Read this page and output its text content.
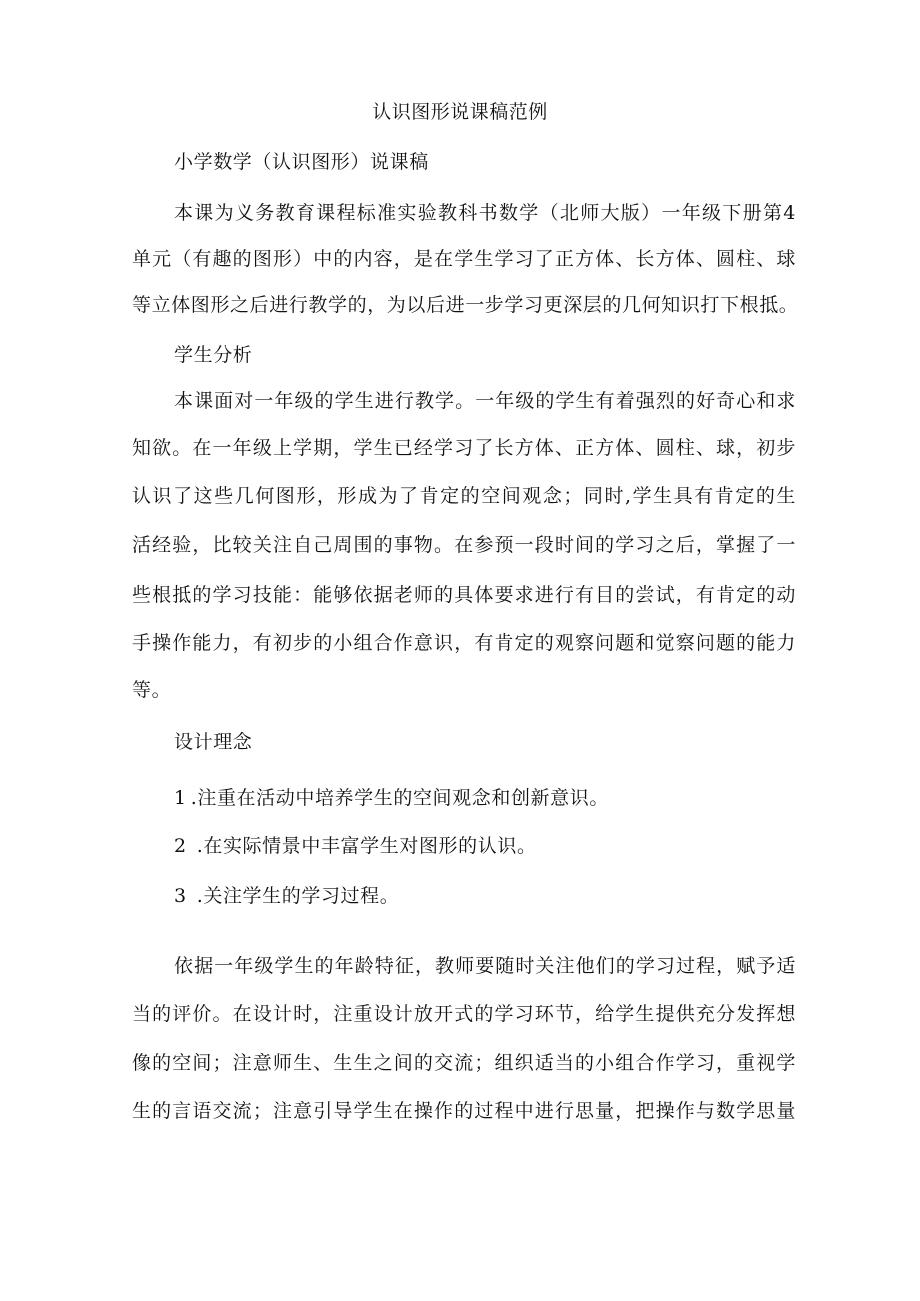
认识图形说课稿范例
小学数学（认识图形）说课稿
本课为义务教育课程标准实验教科书数学（北师大版）一年级下册第4
单元（有趣的图形）中的内容，是在学生学习了正方体、长方体、圆柱、球
等立体图形之后进行教学的，为以后进一步学习更深层的几何知识打下根抵。
学生分析
本课面对一年级的学生进行教学。一年级的学生有着强烈的好奇心和求
知欲。在一年级上学期，学生已经学习了长方体、正方体、圆柱、球，初步
认识了这些几何图形，形成为了肯定的空间观念；同时,学生具有肯定的生
活经验，比较关注自己周围的事物。在参预一段时间的学习之后，掌握了一
些根抵的学习技能：能够依据老师的具体要求进行有目的尝试，有肯定的动
手操作能力，有初步的小组合作意识，有肯定的观察问题和觉察问题的能力
等。
设计理念
1 .注重在活动中培养学生的空间观念和创新意识。
2 .在实际情景中丰富学生对图形的认识。
3 .关注学生的学习过程。
依据一年级学生的年龄特征，教师要随时关注他们的学习过程，赋予适
当的评价。在设计时，注重设计放开式的学习环节，给学生提供充分发挥想
像的空间；注意师生、生生之间的交流；组织适当的小组合作学习，重视学
生的言语交流；注意引导学生在操作的过程中进行思量，把操作与数学思量
